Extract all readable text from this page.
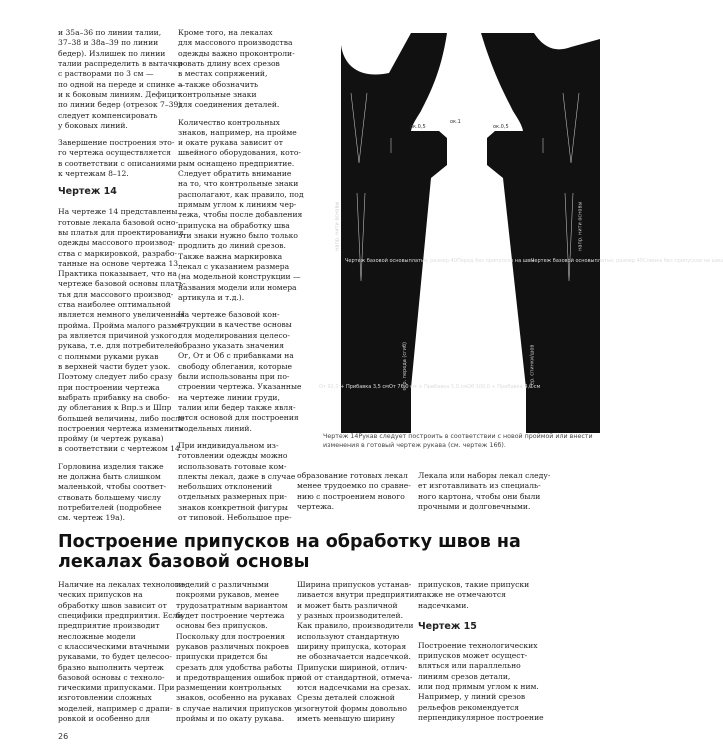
и 35а–36 по линии талии,
37–38 и 38а–39 по линии
бедер). Излишек по линии
талии распределить в вытачки
с растворами по 3 см —
по одной на переде и спинке —
и к боковым линиям. Дефицит
по линии бедер (отрезок 7–39)
следует компенсировать
у боковых линий.

Завершение построения это-
го чертежа осуществляется
в соответствии с описаниями
к чертежам 8–12.

Чертеж 14

На чертеже 14 представлены
готовые лекала базовой осно-
вы платья для проектирования
одежды массового производ-
ства с маркировкой, разрабо-
танные на основе чертежа 13.
Практика показывает, что на
чертеже базовой основы плать-
тья для массового производ-
ства наиболее оптимальной
является немного увеличенная
пройма. Пройма малого разме-
ра является причиной узкого
рукава, т.е. для потребителей
с полными руками рукав
в верхней части будет узок.
Поэтому следует либо сразу
при построении чертежа
выбрать прибавку на свобо-
ду облегания к Впр.з и Шпр
большей величины, либо после
построения чертежа изменить
пройму (и чертеж рукава)
в соответствии с чертежом 14.

Горловина изделия также
не должна быть слишком
маленькой, чтобы соответ-
ствовать большему числу
потребителей (подробнее
см. чертеж 19а).

Кроме того, на лекалах
для массового производства
одежды важно проконтроли-
ровать длину всех срезов
в местах сопряжений,
а также обозначить
контрольные знаки
для соединения деталей.

Количество контрольных
знаков, например, на пройме
и окате рукава зависит от
швейного оборудования, кото-
рым оснащено предприятие.
Следует обратить внимание
на то, что контрольные знаки
располагают, как правило, под
прямым углом к линиям чер-
тежа, чтобы после добавления
припуска на обработку шва
эти знаки нужно было только
продлить до линий срезов.
Также важна маркировка
лекал с указанием размера
(на модельной конструкции —
названия модели или номера
артикула и т.д.).

На чертеже базовой кон-
струкции в качестве основы
для моделирования целесо-
образно указать значения
Ог, От и Об с прибавками на
свободу облегания, которые
были использованы при по-
строении чертежа. Указанные
на чертеже линии груди,
талии или бедер также явля-
ются основой для построения
модельных линий.

При индивидуальном из-
готовлении одежды можно
использовать готовые ком-
плекты лекал, даже в случае
небольших отклонений
отдельных размерных при-
знаков конкретной фигуры
от типовой. Небольшое пре-

Чертеж базовой основыплатья, размер 40Перед без припусков на швы
Чертеж базовой основыплатья, размер 40Спинка без припусков на швы
От 92,0 + Прибавка 3,5 смОт 76,0 см + Прибавка 5,0 смОб 100,0 + Прибавка 4,0 см
напр. нити основы	напр. нити основы
сер. переда (сгиб)	сер. спинки/шов
ок.1	ок.1
ок.0,5	ок.0,5
Чертеж 14Рукав следует построить в соответствии с новой проймой или внести изменения в готовый чертеж рукава (см. чертеж 16б).
образование готовых лекал
менее трудоемко по сравне-
нию с построением нового
чертежа.
Лекала или наборы лекал следу-
ет изготавливать из специаль-
ного картона, чтобы они были
прочными и долговечными.
Построение припусков на обработку швов на лекалах базовой основы
Наличие на лекалах технологи-
ческих припусков на
обработку швов зависит от
специфики предприятия. Если
предприятие производит
несложные модели
с классическими втачными
рукавами, то будет целесоо-
бразно выполнить чертеж
базовой основы с техноло-
гическими припусками. При
изготовлении сложных
моделей, например с драпи-
ровкой и особенно для
изделий с различными
покроями рукавов, менее
трудозатратным вариантом
будет построение чертежа
основы без припусков.
Поскольку для построения
рукавов различных покроев
припуски придется бы
срезать для удобства работы
и предотвращения ошибок при
размещении контрольных
знаков, особенно на рукавах
в случае наличия припусков у
проймы и по окату рукава.
Ширина припусков устанав-
ливается внутри предприятия
и может быть различной
у разных производителей.
Как правило, производители
используют стандартную
ширину припуска, которая
не обозначается надсечкой.
Припуски шириной, отлич-
ной от стандартной, отмеча-
ются надсечками на срезах.
Срезы деталей сложной
изогнутой формы довольно
иметь меньшую ширину
припусков, такие припуски
также не отмечаются
надсечками.
Чертеж 15
Построение технологических
припусков может осущест-
вляться или параллельно
линиям срезов детали,
или под прямым углом к ним.
Например, у линий срезов
рельефов рекомендуется
перпендикулярное построение
26
